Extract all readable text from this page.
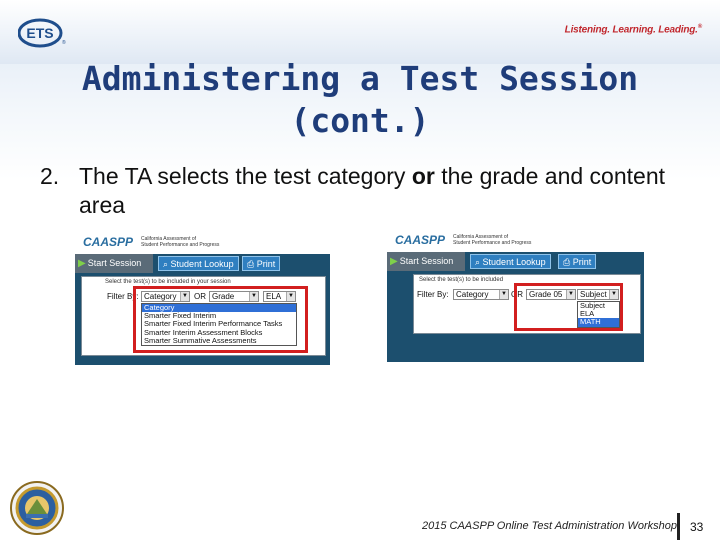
ETS
®
Listening. Learning. Leading.®
Administering a Test Session
(cont.)
2. The TA selects the test category or the grade and content area
CAASPP California Assessment of
Student Performance and Progress
▶ Start Session	⌕ Student Lookup	⎙ Print
Select the test(s) to be included in your session
Filter By: Category ▼ OR Grade	▼	ELA	▼
Category
Smarter Fixed Interim
Smarter Fixed Interim Performance Tasks
Smarter Interim Assessment Blocks
Smarter Summative Assessments
CAASPP California Assessment of
Student Performance and Progress
▶ Start Session	⌕ Student Lookup	⎙ Print
Select the test(s) to be included
Filter By: Category	▼ OR Grade 05 ▼ Subject ▼
Subject
ELA
MATH
2015 CAASPP Online Test Administration Workshop 33
